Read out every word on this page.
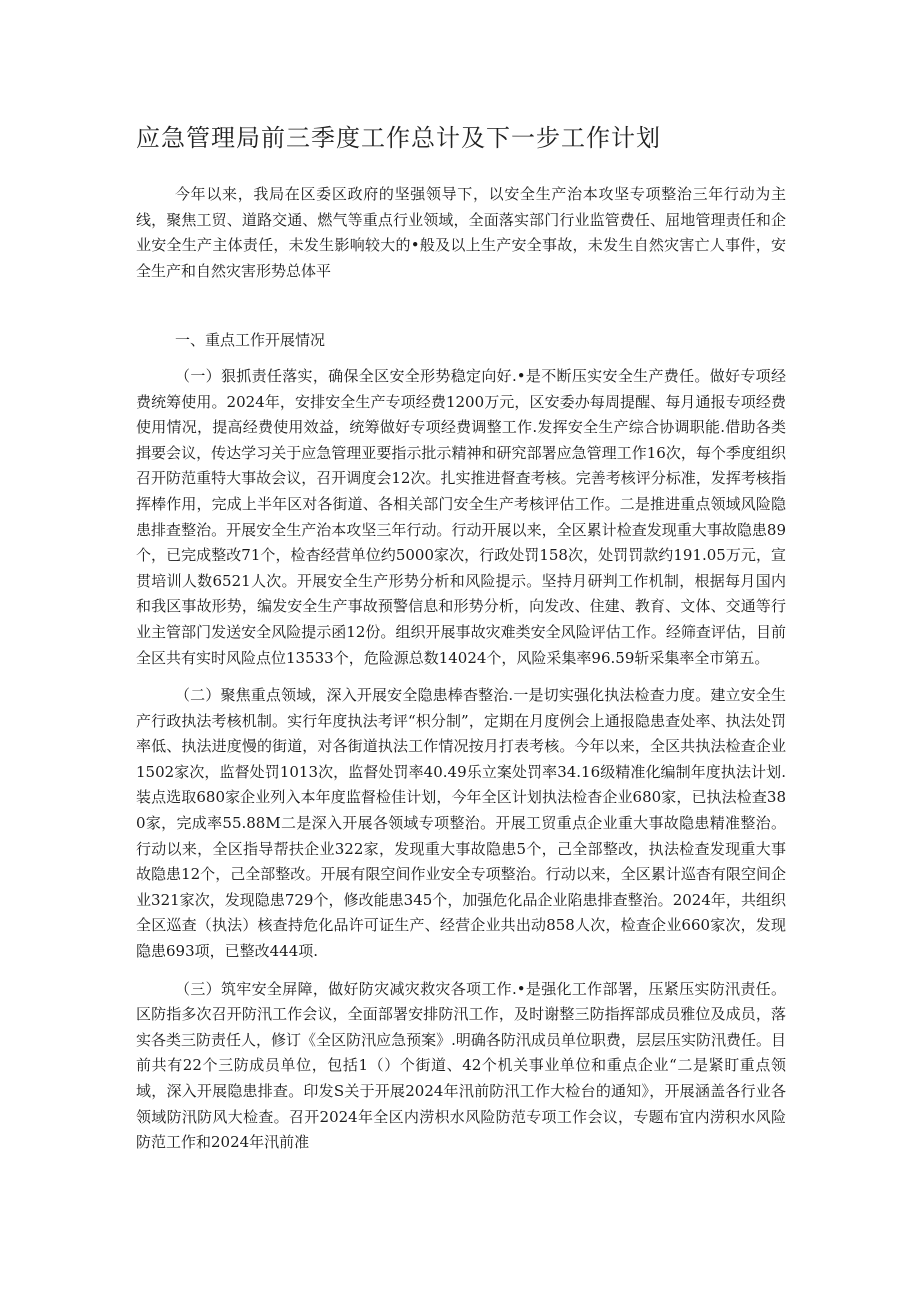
应急管理局前三季度工作总计及下一步工作计划

今年以来，我局在区委区政府的坚强领导下，以安全生产治本攻坚专项整治三年行动为主线，聚焦工贸、道路交通、燃气等重点行业领域，全面落实部门行业监管费任、屈地管理责任和企业安全生产主体责任，未发生影响较大的•般及以上生产安全事故，未发生自然灾害亡人事件，安全生产和自然灾害形势总体平

一、重点工作开展情况

（一）狠抓责任落实，确保全区安全形势稳定向好.•是不断压实安全生产费任。做好专项经费统筹使用。2024年，安排安全生产专项经费1200万元，区安委办每周提醒、每月通报专项经费使用情况，提高经费使用效益，统筹做好专项经费调整工作.发挥安全生产综合协调职能.借助各类揖要会议，传达学习关于应急管理亚要指示批示精神和研究部署应急管理工作16次，每个季度组织召开防范重特大事故会议，召开调度会12次。扎实推进督查考核。完善考核评分标准，发挥考核指挥棒作用，完成上半年区对各街道、各相关部门安全生产考核评估工作。二是推进重点领域风险隐患排查整治。开展安全生产治本攻坚三年行动。行动开展以来，全区累计检查发现重大事故隐患89个，已完成整改71个，检杳经营单位约5000家次，行政处罚158次，处罚罚款约191.05万元，宣贯培训人数6521人次。开展安全生产形势分析和风险提示。坚持月研判工作机制，根据每月国内和我区事故形势，编发安全生产事故预警信息和形势分析，向发改、住建、教育、文体、交通等行业主管部门发送安全风险提示函12份。组织开展事故灾难类安全风险评估工作。经筛查评估，目前全区共有实时风险点位13533个，危险源总数14024个，风险采集率96.59斩采集率全市第五。

（二）聚焦重点领域，深入开展安全隐患棒杳整治.一是切实强化执法检查力度。建立安全生产行政执法考核机制。实行年度执法考评“枳分制”，定期在月度例会上通报隐患查处率、执法处罚率低、执法进度慢的街道，对各街道执法工作情况按月打表考核。今年以来，全区共执法检查企业1502家次，监督处罚1013次，监督处罚率40.49乐立案处罚率34.16级精准化编制年度执法计划.装点选取680家企业列入本年度监督检佳计划，今年全区计划执法检杳企业680家，已执法检查380家，完成率55.88M二是深入开展各领域专项整治。开展工贸重点企业重大事故隐患精准整治。行动以来，全区指导帮扶企业322家，发现重大事故隐患5个，己全部整改，执法检查发现重大事故隐患12个，己全部整改。开展有限空间作业安全专项整治。行动以来，全区累计巡杳有限空间企业321家次，发现隐患729个，修改能患345个，加强危化品企业陷患排查整治。2024年，共组织全区巡查（执法）核查持危化品许可证生产、经营企业共出动858人次，检查企业660家次，发现隐患693项，已整改444项.

（三）筑牢安全屏障，做好防灾减灾救灾各项工作.•是强化工作部署，压紧压实防汛责任。区防指多次召开防汛工作会议，全面部署安排防汛工作，及时谢整三防指挥部成员雅位及成员，落实各类三防责任人，修订《全区防汛应急预案》.明确各防汛成员单位职费，层层压实防汛费任。目前共有22个三防成员单位，包括1（）个街道、42个机关事业单位和重点企业“二是紧盯重点领域，深入开展隐患排查。印发S关于开展2024年汛前防汛工作大检台的通知》，开展涵盖各行业各领域防汛防风大检查。召开2024年全区内涝枳水风险防范专项工作会议，专题布宜内涝积水风险防范工作和2024年汛前准
